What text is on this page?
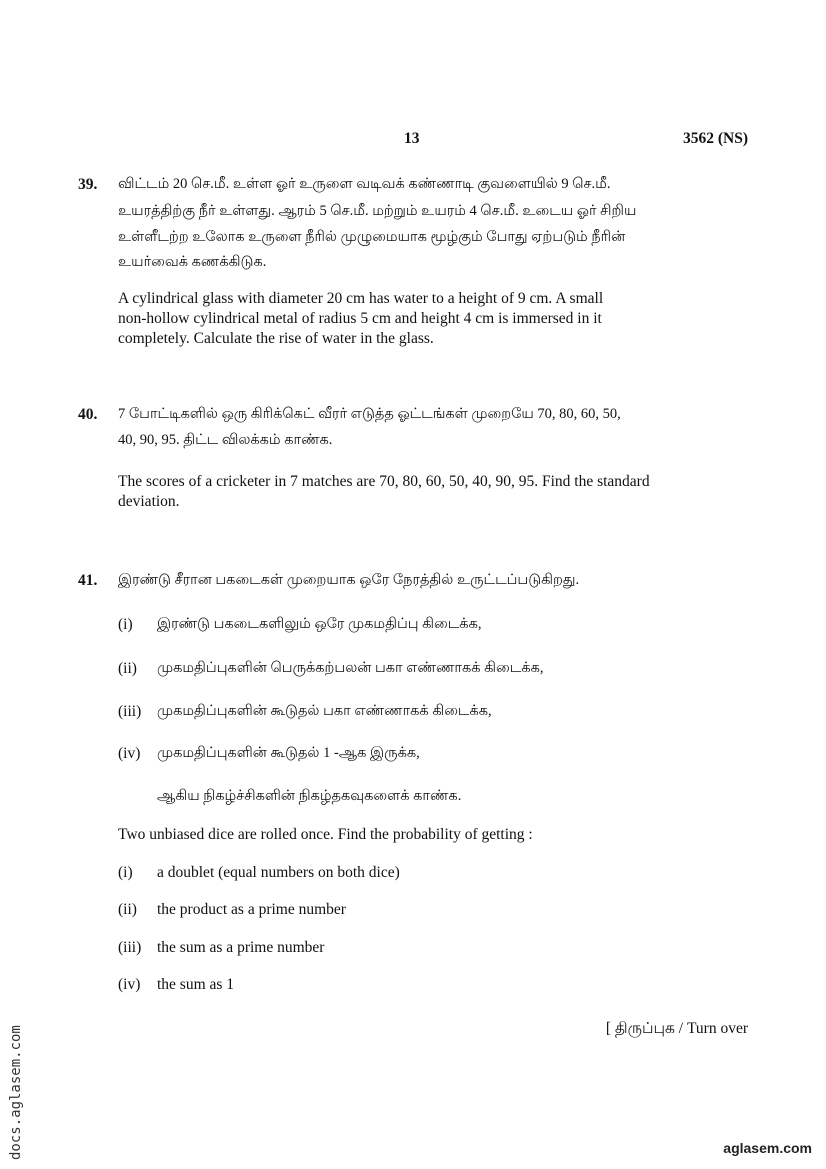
13	3562 (NS)
39. விட்டம் 20 செ.மீ. உள்ள ஓர் உருளை வடிவக் கண்ணாடி குவளையில் 9 செ.மீ.
உயரத்திற்கு நீர் உள்ளது. ஆரம் 5 செ.மீ. மற்றும் உயரம் 4 செ.மீ. உடைய ஓர் சிறிய
உள்ளீடற்ற உலோக உருளை நீரில் முழுமையாக மூழ்கும் போது ஏற்படும் நீரின்
உயர்வைக் கணக்கிடுக.
A cylindrical glass with diameter 20 cm has water to a height of 9 cm. A small
non-hollow cylindrical metal of radius 5 cm and height 4 cm is immersed in it
completely. Calculate the rise of water in the glass.
40. 7 போட்டிகளில் ஒரு கிரிக்கெட் வீரர் எடுத்த ஓட்டங்கள் முறையே 70, 80, 60, 50,
40, 90, 95. திட்ட விலக்கம் காண்க.
The scores of a cricketer in 7 matches are 70, 80, 60, 50, 40, 90, 95. Find the standard
deviation.
41. இரண்டு சீரான பகடைகள் முறையாக ஒரே நேரத்தில் உருட்டப்படுகிறது.
(i) இரண்டு பகடைகளிலும் ஒரே முகமதிப்பு கிடைக்க,
(ii) முகமதிப்புகளின் பெருக்கற்பலன் பகா எண்ணாகக் கிடைக்க,
(iii) முகமதிப்புகளின் கூடுதல் பகா எண்ணாகக் கிடைக்க,
(iv) முகமதிப்புகளின் கூடுதல் 1 -ஆக இருக்க,
ஆகிய நிகழ்ச்சிகளின் நிகழ்தகவுகளைக் காண்க.
Two unbiased dice are rolled once. Find the probability of getting :
(i) a doublet (equal numbers on both dice)
(ii) the product as a prime number
(iii) the sum as a prime number
(iv) the sum as 1
[ திருப்புக / Turn over
docs.aglasem.com	aglasem.com
